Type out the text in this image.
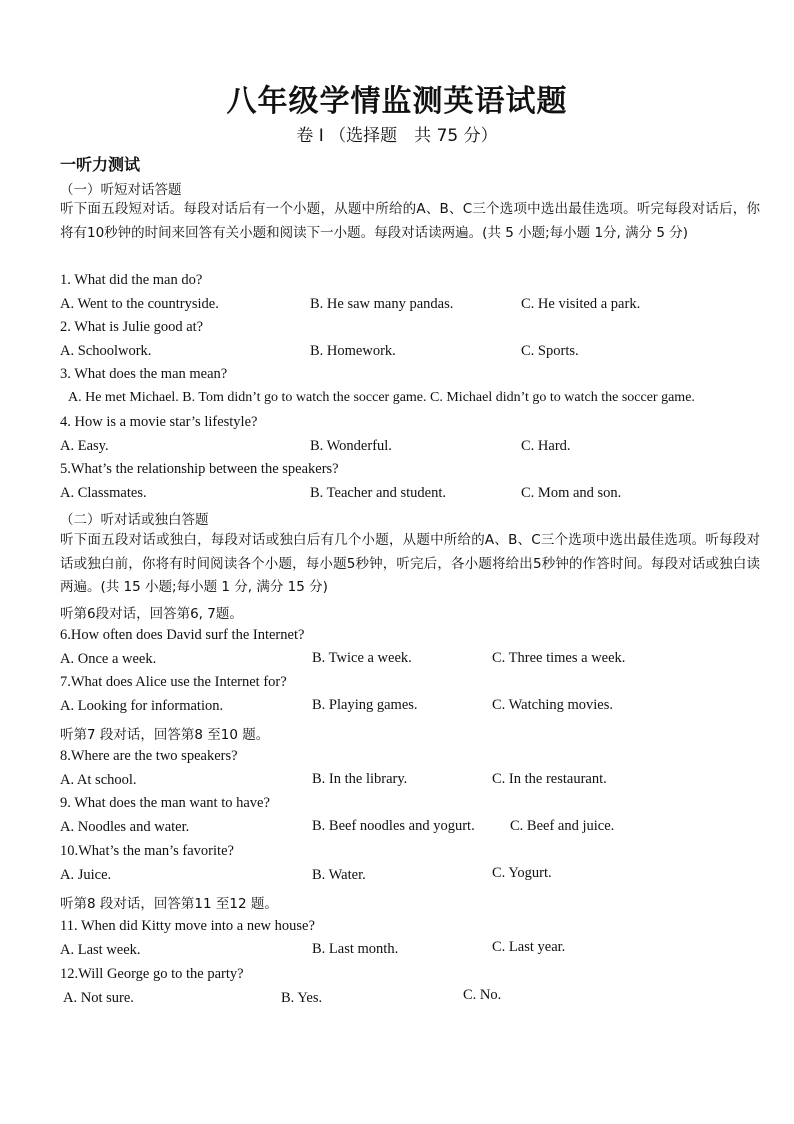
八年级学情监测英语试题
卷 I （选择题　共 75 分）
一听力测试
（一）听短对话答题
听下面五段短对话。每段对话后有一个小题，从题中所给的A、B、C三个选项中选出最佳选项。听完每段对话后，你将有10秒钟的时间来回答有关小题和阅读下一小题。每段对话读两遍。(共 5 小题;每小题 1分, 满分 5 分)
1. What did the man do?
A. Went to the countryside.	B. He saw many pandas.	C. He visited a park.
2. What is Julie good at?
A. Schoolwork.	B. Homework.	C. Sports.
3. What does the man mean?
A. He met Michael. B. Tom didn’t go to watch the soccer game. C. Michael didn’t go to watch the soccer game.
4. How is a movie star’s lifestyle?
A. Easy.	B. Wonderful.	C. Hard.
5.What’s the relationship between the speakers?
A. Classmates.	B. Teacher and student.	C. Mom and son.
（二）听对话或独白答题
听下面五段对话或独白，每段对话或独白后有几个小题，从题中所给的A、B、C三个选项中选出最佳选项。听每段对话或独白前，你将有时间阅读各个小题，每小题5秒钟，听完后，各小题将给出5秒钟的作答时间。每段对话或独白读两遍。(共 15 小题;每小题 1 分, 满分 15 分)
听第6段对话，回答第6, 7题。
6.How often does David surf the Internet?
A. Once a week.	B. Twice a week.	C. Three times a week.
7.What does Alice use the Internet for?
A. Looking for information.	B. Playing games.	C. Watching movies.
听第7 段对话，回答第8 至10 题。
8.Where are the two speakers?
A. At school.	B. In the library.	C. In the restaurant.
9. What does the man want to have?
A. Noodles and water.	B. Beef noodles and yogurt. C. Beef and juice.
10.What’s the man’s favorite?
A. Juice.	B. Water.	C. Yogurt.
听第8 段对话，回答第11 至12 题。
11. When did Kitty move into a new house?
A. Last week.	B. Last month.	C. Last year.
12.Will George go to the party?
A. Not sure.	B. Yes.	C. No.
